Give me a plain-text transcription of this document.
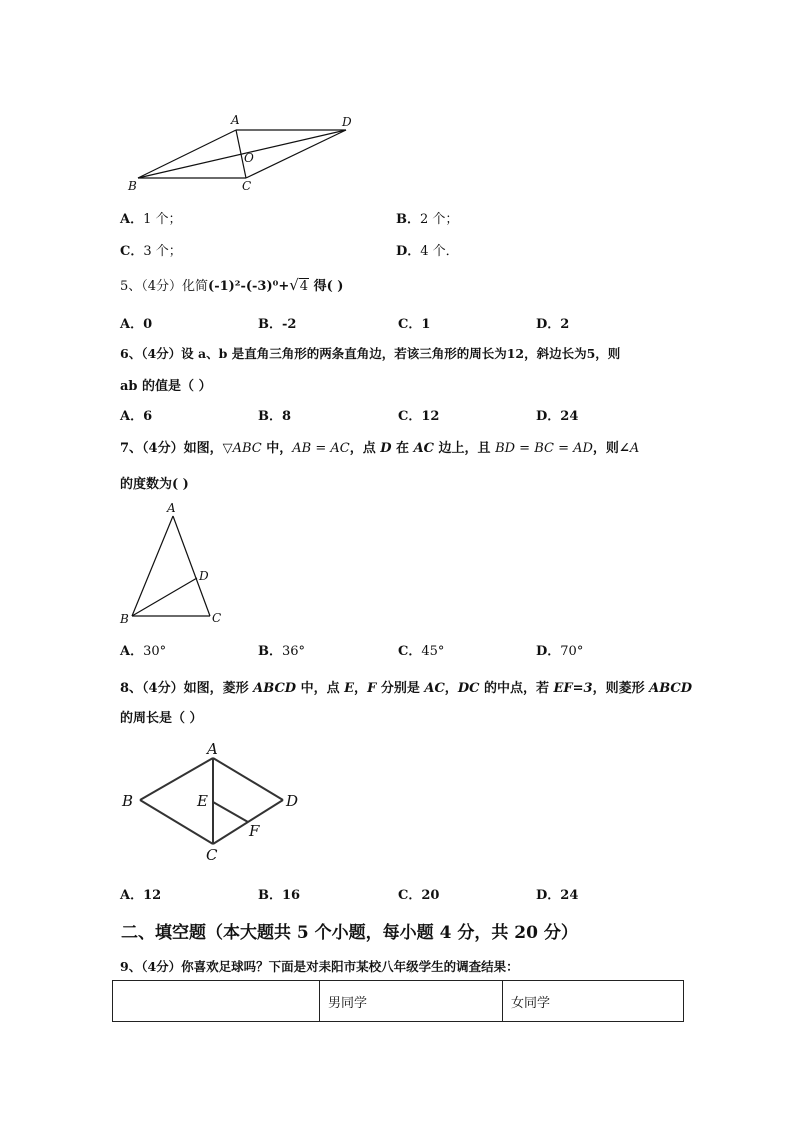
A	D
O
B	C
A．1 个；	B．2 个；
C．3 个；	D．4 个．
5、（4分）化简(-1)²-(-3)⁰+√4 得( )
A．0	B．-2	C．1	D．2
6、（4分）设 a、b 是直角三角形的两条直角边，若该三角形的周长为12，斜边长为5，则
ab 的值是（ ）
A．6	B．8	C．12	D．24
7、（4分）如图，▽ABC 中，AB = AC，点 D 在 AC 边上，且 BD = BC = AD，则∠A
的度数为( )
A
D
B	C
A．30°	B．36°	C．45°	D．70°
8、（4分）如图，菱形 ABCD 中，点 E，F 分别是 AC，DC 的中点，若 EF=3，则菱形 ABCD
的周长是（ ）
A
B	D
E
F
C
A．12	B．16	C．20	D．24
二、填空题（本大题共 5 个小题，每小题 4 分，共 20 分）
9、（4分）你喜欢足球吗？下面是对耒阳市某校八年级学生的调查结果：
	男同学	女同学
